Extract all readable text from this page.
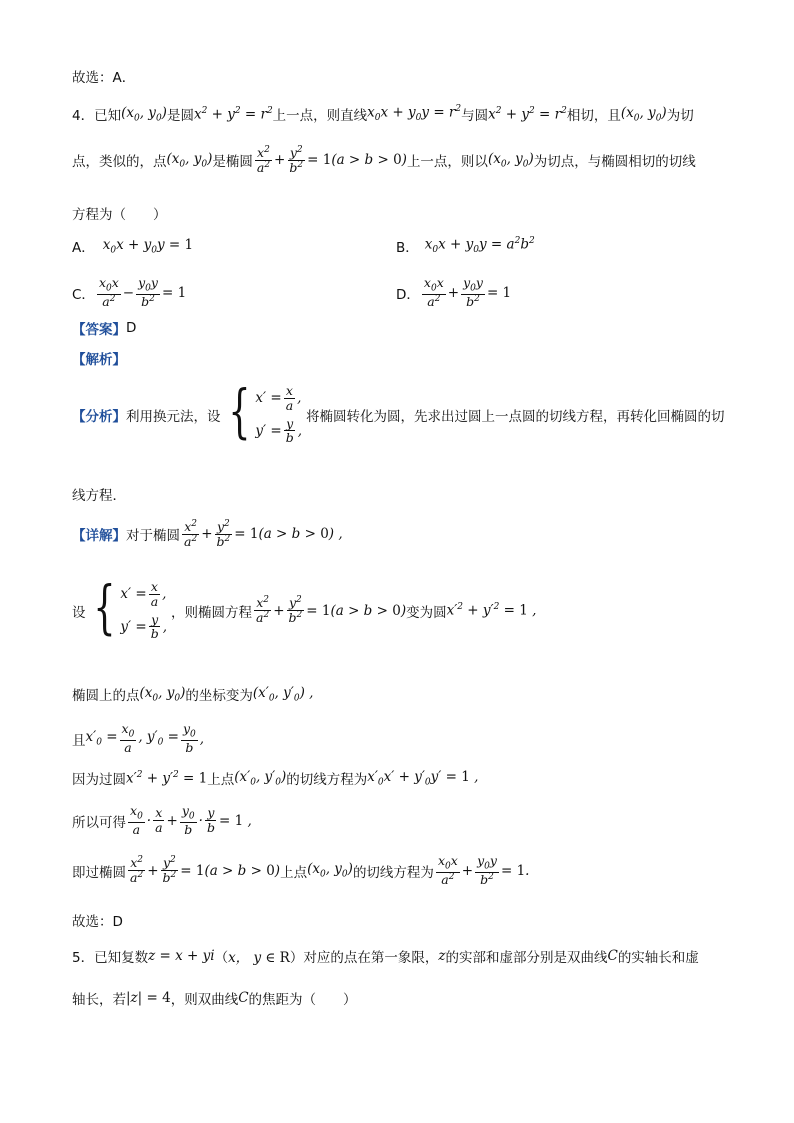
故选：A．
4．已知 ($x_0$, $y_0$) 是圆 $x^2 + y^2 = r^2$ 上一点，则直线 $x_0x + y_0y = r^2$ 与圆 $x^2 + y^2 = r^2$ 相切，且 ($x_0$, $y_0$) 为切
点，类似的，点 ($x_0$, $y_0$) 是椭圆 $\frac{x^2}{a^2} + \frac{y^2}{b^2} = 1(a > b > 0)$ 上一点，则以 ($x_0$, $y_0$) 为切点，与椭圆相切的切线
方程为（　　）
A． $x_0x + y_0y = 1$	B． $x_0x + y_0y = a^2b^2$
C． $\frac{x_0x}{a^2} - \frac{y_0y}{b^2} = 1$	D． $\frac{x_0x}{a^2} + \frac{y_0y}{b^2} = 1$
【答案】 D
【解析】
【分析】 利用换元法，设 { $x' = \frac{x}{a}$ ,
$y' = \frac{y}{b}$ ,
将椭圆转化为圆，先求出过圆上一点圆的切线方程，再转化回椭圆的切
线方程．
【详解】 对于椭圆 $\frac{x^2}{a^2} + \frac{y^2}{b^2} = 1(a > b > 0)$ ,
设 { $x' = \frac{x}{a}$ ,
$y' = \frac{y}{b}$ ,
，则椭圆方程 $\frac{x^2}{a^2} + \frac{y^2}{b^2} = 1(a > b > 0)$ 变为圆 $x'^2 + y'^2 = 1$ ,
椭圆上的点 ($x_0$, $y_0$) 的坐标变为 ($x'_0$, $y'_0$) ,
且 $x'_0 = \frac{x_0}{a}$ , $y'_0 = \frac{y_0}{b}$ ,
因为过圆 $x'^2 + y'^2 = 1$ 上点 ($x'_0$, $y'_0$) 的切线方程为 $x'_0x' + y'_0y' = 1$ ,
所以可得 $\frac{x_0}{a} \cdot \frac{x}{a} + \frac{y_0}{b} \cdot \frac{y}{b} = 1$ ,
即过椭圆 $\frac{x^2}{a^2} + \frac{y^2}{b^2} = 1(a > b > 0)$ 上点 ($x_0$, $y_0$) 的切线方程为 $\frac{x_0x}{a^2} + \frac{y_0y}{b^2} = 1$.
故选：D
5．已知复数 z = x + yi （ x， y ∈ R ）对应的点在第一象限， z 的实部和虚部分别是双曲线 C 的实轴长和虚
轴长，若 |z| = 4 ，则双曲线 C 的焦距为（　　）
